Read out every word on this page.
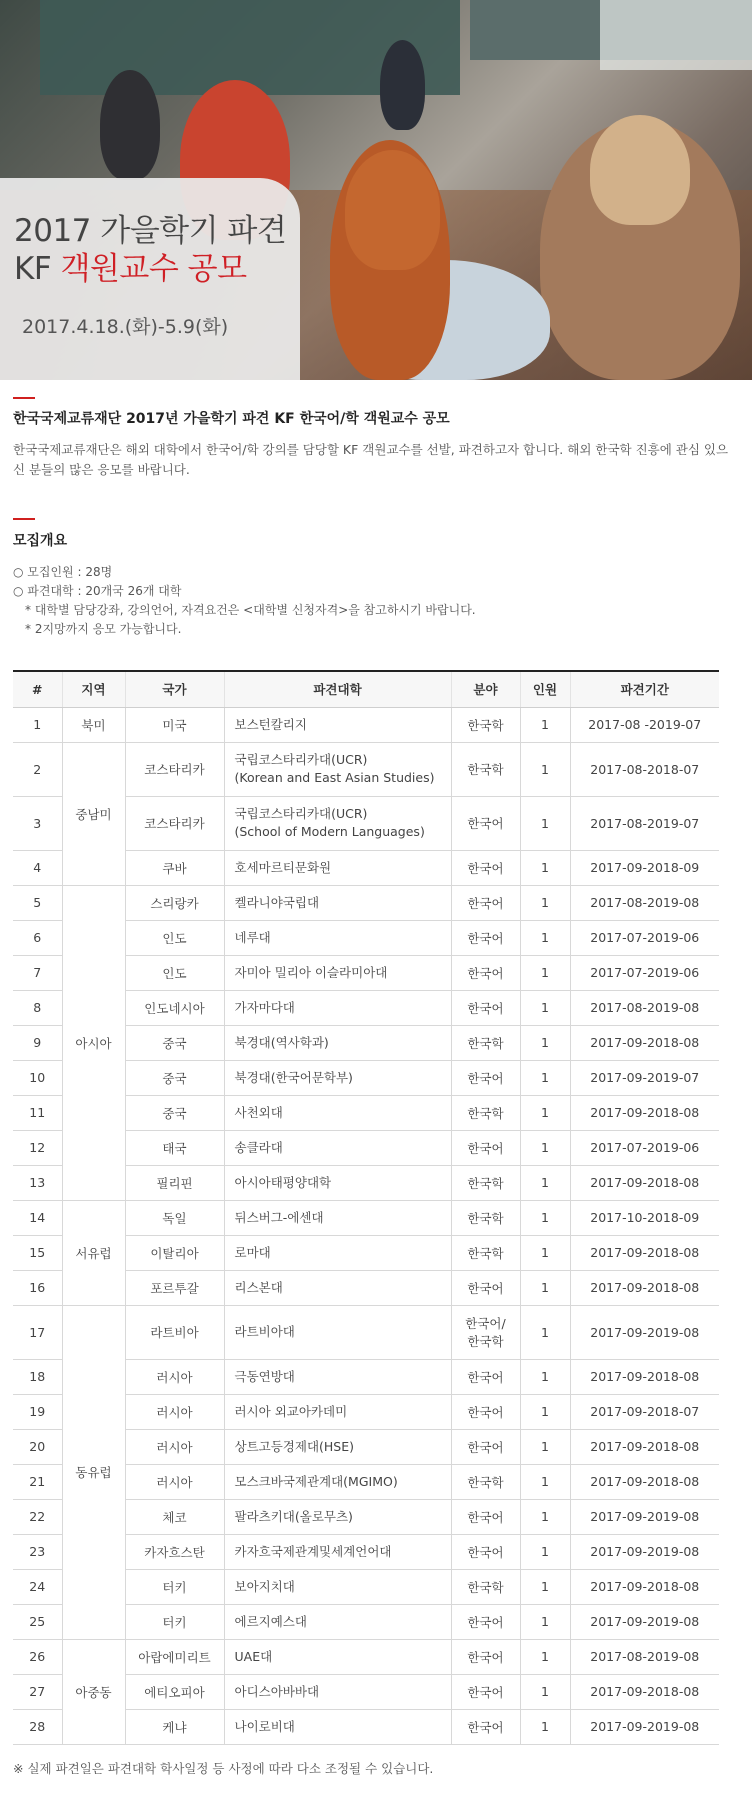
2017 가을학기 파견
KF 객원교수 공모
2017.4.18.(화)-5.9(화)
한국국제교류재단 2017년 가을학기 파견 KF 한국어/학 객원교수 공모
한국국제교류재단은 해외 대학에서 한국어/학 강의를 담당할 KF 객원교수를 선발, 파견하고자 합니다. 해외 한국학 진흥에 관심 있으신 분들의 많은 응모를 바랍니다.
모집개요
○ 모집인원 : 28명
○ 파견대학 : 20개국 26개 대학
* 대학별 담당강좌, 강의언어, 자격요건은 <대학별 신청자격>을 참고하시기 바랍니다.
* 2지망까지 응모 가능합니다.
#	지역	국가	파견대학	분야	인원	파견기간
1	북미	미국	보스턴칼리지	한국학	1	2017-08 -2019-07
2	중남미	코스타리카	국립코스타리카대(UCR)
(Korean and East Asian Studies)	한국학	1	2017-08-2018-07
3		코스타리카	국립코스타리카대(UCR)
(School of Modern Languages)	한국어	1	2017-08-2019-07
4		쿠바	호세마르티문화원	한국어	1	2017-09-2018-09
5	아시아	스리랑카	켈라니야국립대	한국어	1	2017-08-2019-08
6		인도	네루대	한국어	1	2017-07-2019-06
7		인도	자미아 밀리아 이슬라미아대	한국어	1	2017-07-2019-06
8		인도네시아	가자마다대	한국어	1	2017-08-2019-08
9		중국	북경대(역사학과)	한국학	1	2017-09-2018-08
10		중국	북경대(한국어문학부)	한국어	1	2017-09-2019-07
11		중국	사천외대	한국학	1	2017-09-2018-08
12		태국	송클라대	한국어	1	2017-07-2019-06
13		필리핀	아시아태평양대학	한국학	1	2017-09-2018-08
14	서유럽	독일	뒤스버그-에센대	한국학	1	2017-10-2018-09
15		이탈리아	로마대	한국학	1	2017-09-2018-08
16		포르투갈	리스본대	한국어	1	2017-09-2018-08
17	동유럽	라트비아	라트비아대	한국어/
한국학	1	2017-09-2019-08
18		러시아	극동연방대	한국어	1	2017-09-2018-08
19		러시아	러시아 외교아카데미	한국어	1	2017-09-2018-07
20		러시아	상트고등경제대(HSE)	한국어	1	2017-09-2018-08
21		러시아	모스크바국제관계대(MGIMO)	한국학	1	2017-09-2018-08
22		체코	팔라츠키대(올로무츠)	한국어	1	2017-09-2019-08
23		카자흐스탄	카자흐국제관계및세계언어대	한국어	1	2017-09-2019-08
24		터키	보아지치대	한국학	1	2017-09-2018-08
25		터키	에르지예스대	한국어	1	2017-09-2019-08
26	아중동	아랍에미리트	UAE대	한국어	1	2017-08-2019-08
27		에티오피아	아디스아바바대	한국어	1	2017-09-2018-08
28		케냐	나이로비대	한국어	1	2017-09-2019-08
※ 실제 파견일은 파견대학 학사일정 등 사정에 따라 다소 조정될 수 있습니다.
